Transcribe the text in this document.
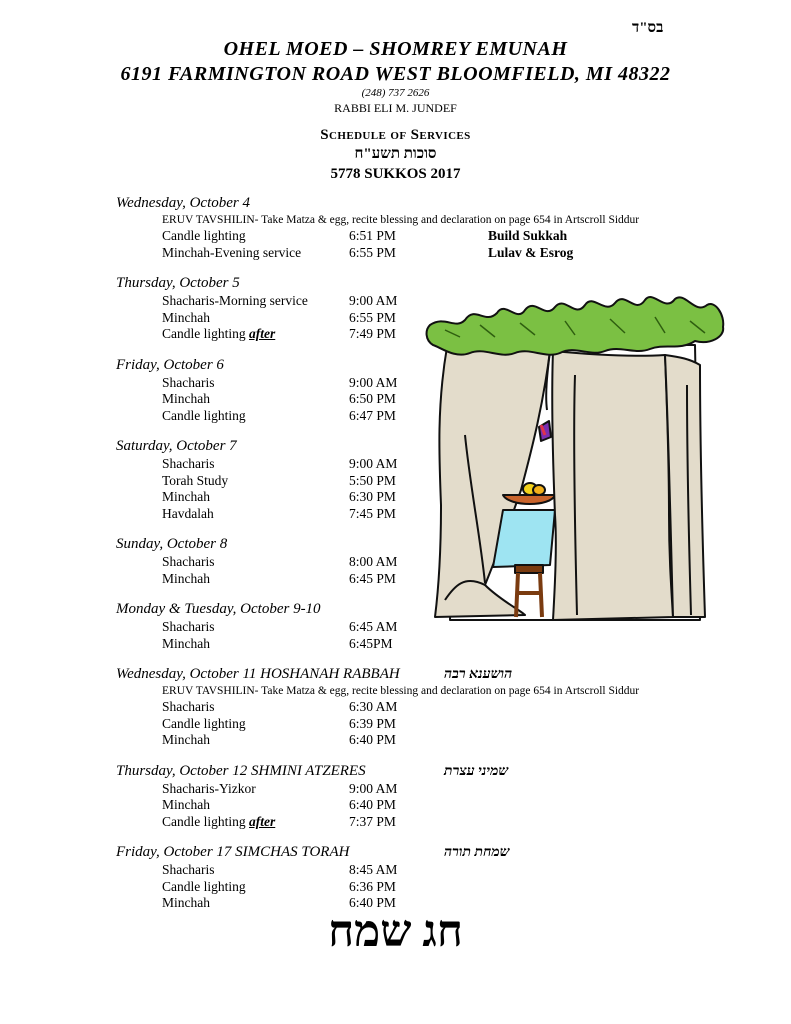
בס"ד
OHEL MOED – SHOMREY EMUNAH
6191 FARMINGTON ROAD WEST BLOOMFIELD, MI 48322
(248) 737 2626
RABBI ELI M. JUNDEF
Schedule of Services
סוכות תשע"ח
5778 SUKKOS 2017
Wednesday, October 4
ERUV TAVSHILIN- Take Matza & egg, recite blessing and declaration on page 654 in Artscroll Siddur
Candle lighting	6:51 PM	Build Sukkah
Minchah-Evening service	6:55 PM	Lulav & Esrog
Thursday, October 5
Shacharis-Morning service	9:00 AM
Minchah	6:55 PM
Candle lighting after	7:49 PM
Friday, October 6
Shacharis	9:00 AM
Minchah	6:50 PM
Candle lighting	6:47 PM
Saturday, October 7
Shacharis	9:00 AM
Torah Study	5:50 PM
Minchah	6:30 PM
Havdalah	7:45 PM
Sunday, October 8
Shacharis	8:00 AM
Minchah	6:45 PM
Monday & Tuesday, October 9-10
Shacharis	6:45 AM
Minchah	6:45PM
Wednesday, October 11 HOSHANAH RABBAH	הושענא רבה
ERUV TAVSHILIN- Take Matza & egg, recite blessing and declaration on page 654 in Artscroll Siddur
Shacharis	6:30 AM
Candle lighting	6:39 PM
Minchah	6:40 PM
Thursday, October 12 SHMINI ATZERES	שמיני עצרת
Shacharis-Yizkor	9:00 AM
Minchah	6:40 PM
Candle lighting after	7:37 PM
Friday, October 17 SIMCHAS TORAH	שמחת תורה
Shacharis	8:45 AM
Candle lighting	6:36 PM
Minchah	6:40 PM
חג שמח
